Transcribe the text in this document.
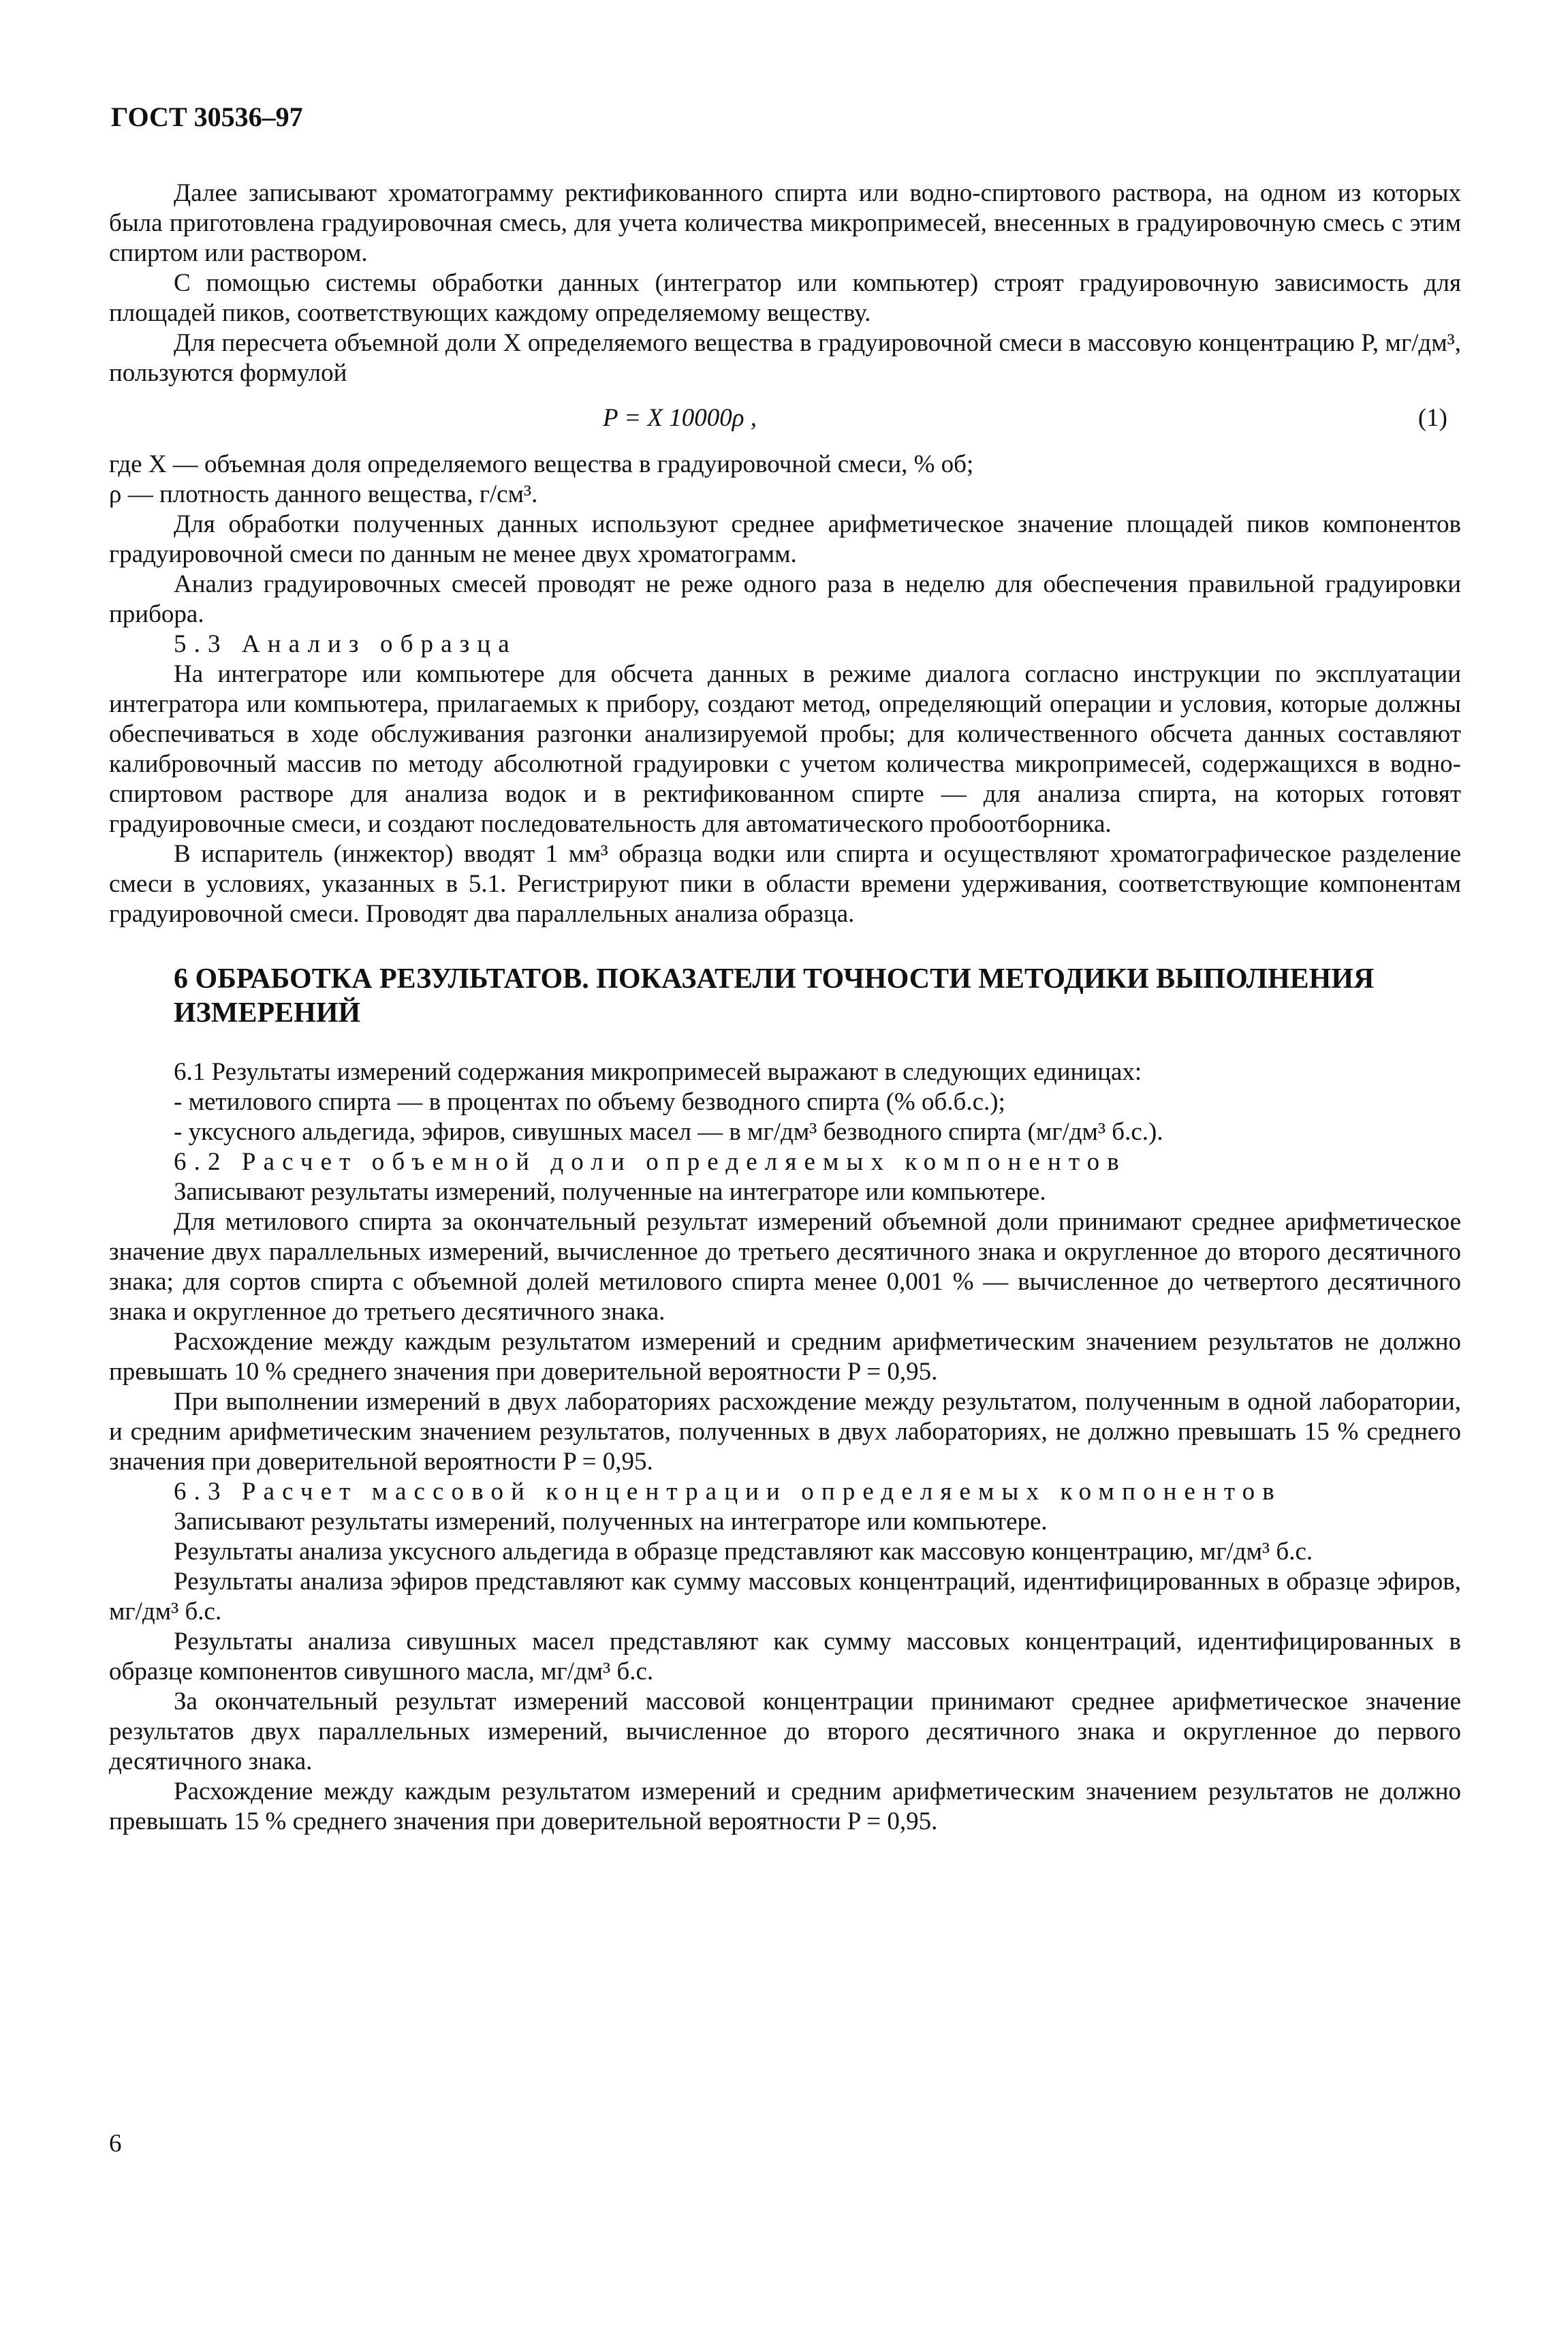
ГОСТ 30536–97

Далее записывают хроматограмму ректификованного спирта или водно-спиртового раствора, на одном из которых была приготовлена градуировочная смесь, для учета количества микропримесей, внесенных в градуировочную смесь с этим спиртом или раствором.

С помощью системы обработки данных (интегратор или компьютер) строят градуировочную зависимость для площадей пиков, соответствующих каждому определяемому веществу.

Для пересчета объемной доли X определяемого вещества в градуировочной смеси в массовую концентрацию P, мг/дм³, пользуются формулой

P = X 10000ρ ,	(1)

где X — объемная доля определяемого вещества в градуировочной смеси, % об;

ρ — плотность данного вещества, г/см³.

Для обработки полученных данных используют среднее арифметическое значение площадей пиков компонентов градуировочной смеси по данным не менее двух хроматограмм.

Анализ градуировочных смесей проводят не реже одного раза в неделю для обеспечения правильной градуировки прибора.

5.3 Анализ образца

На интеграторе или компьютере для обсчета данных в режиме диалога согласно инструкции по эксплуатации интегратора или компьютера, прилагаемых к прибору, создают метод, определяющий операции и условия, которые должны обеспечиваться в ходе обслуживания разгонки анализируемой пробы; для количественного обсчета данных составляют калибровочный массив по методу абсолютной градуировки с учетом количества микропримесей, содержащихся в водно-спиртовом растворе для анализа водок и в ректификованном спирте — для анализа спирта, на которых готовят градуировочные смеси, и создают последовательность для автоматического пробоотборника.

В испаритель (инжектор) вводят 1 мм³ образца водки или спирта и осуществляют хроматографическое разделение смеси в условиях, указанных в 5.1. Регистрируют пики в области времени удерживания, соответствующие компонентам градуировочной смеси. Проводят два параллельных анализа образца.

6 ОБРАБОТКА РЕЗУЛЬТАТОВ. ПОКАЗАТЕЛИ ТОЧНОСТИ МЕТОДИКИ ВЫПОЛНЕНИЯ ИЗМЕРЕНИЙ

6.1 Результаты измерений содержания микропримесей выражают в следующих единицах:

- метилового спирта — в процентах по объему безводного спирта (% об.б.с.);

- уксусного альдегида, эфиров, сивушных масел — в мг/дм³ безводного спирта (мг/дм³ б.с.).

6.2 Расчет объемной доли определяемых компонентов

Записывают результаты измерений, полученные на интеграторе или компьютере.

Для метилового спирта за окончательный результат измерений объемной доли принимают среднее арифметическое значение двух параллельных измерений, вычисленное до третьего десятичного знака и округленное до второго десятичного знака; для сортов спирта с объемной долей метилового спирта менее 0,001 % — вычисленное до четвертого десятичного знака и округленное до третьего десятичного знака.

Расхождение между каждым результатом измерений и средним арифметическим значением результатов не должно превышать 10 % среднего значения при доверительной вероятности P = 0,95.

При выполнении измерений в двух лабораториях расхождение между результатом, полученным в одной лаборатории, и средним арифметическим значением результатов, полученных в двух лабораториях, не должно превышать 15 % среднего значения при доверительной вероятности P = 0,95.

6.3 Расчет массовой концентрации определяемых компонентов

Записывают результаты измерений, полученных на интеграторе или компьютере.

Результаты анализа уксусного альдегида в образце представляют как массовую концентрацию, мг/дм³ б.с.

Результаты анализа эфиров представляют как сумму массовых концентраций, идентифицированных в образце эфиров, мг/дм³ б.с.

Результаты анализа сивушных масел представляют как сумму массовых концентраций, идентифицированных в образце компонентов сивушного масла, мг/дм³ б.с.

За окончательный результат измерений массовой концентрации принимают среднее арифметическое значение результатов двух параллельных измерений, вычисленное до второго десятичного знака и округленное до первого десятичного знака.

Расхождение между каждым результатом измерений и средним арифметическим значением результатов не должно превышать 15 % среднего значения при доверительной вероятности P = 0,95.

6
